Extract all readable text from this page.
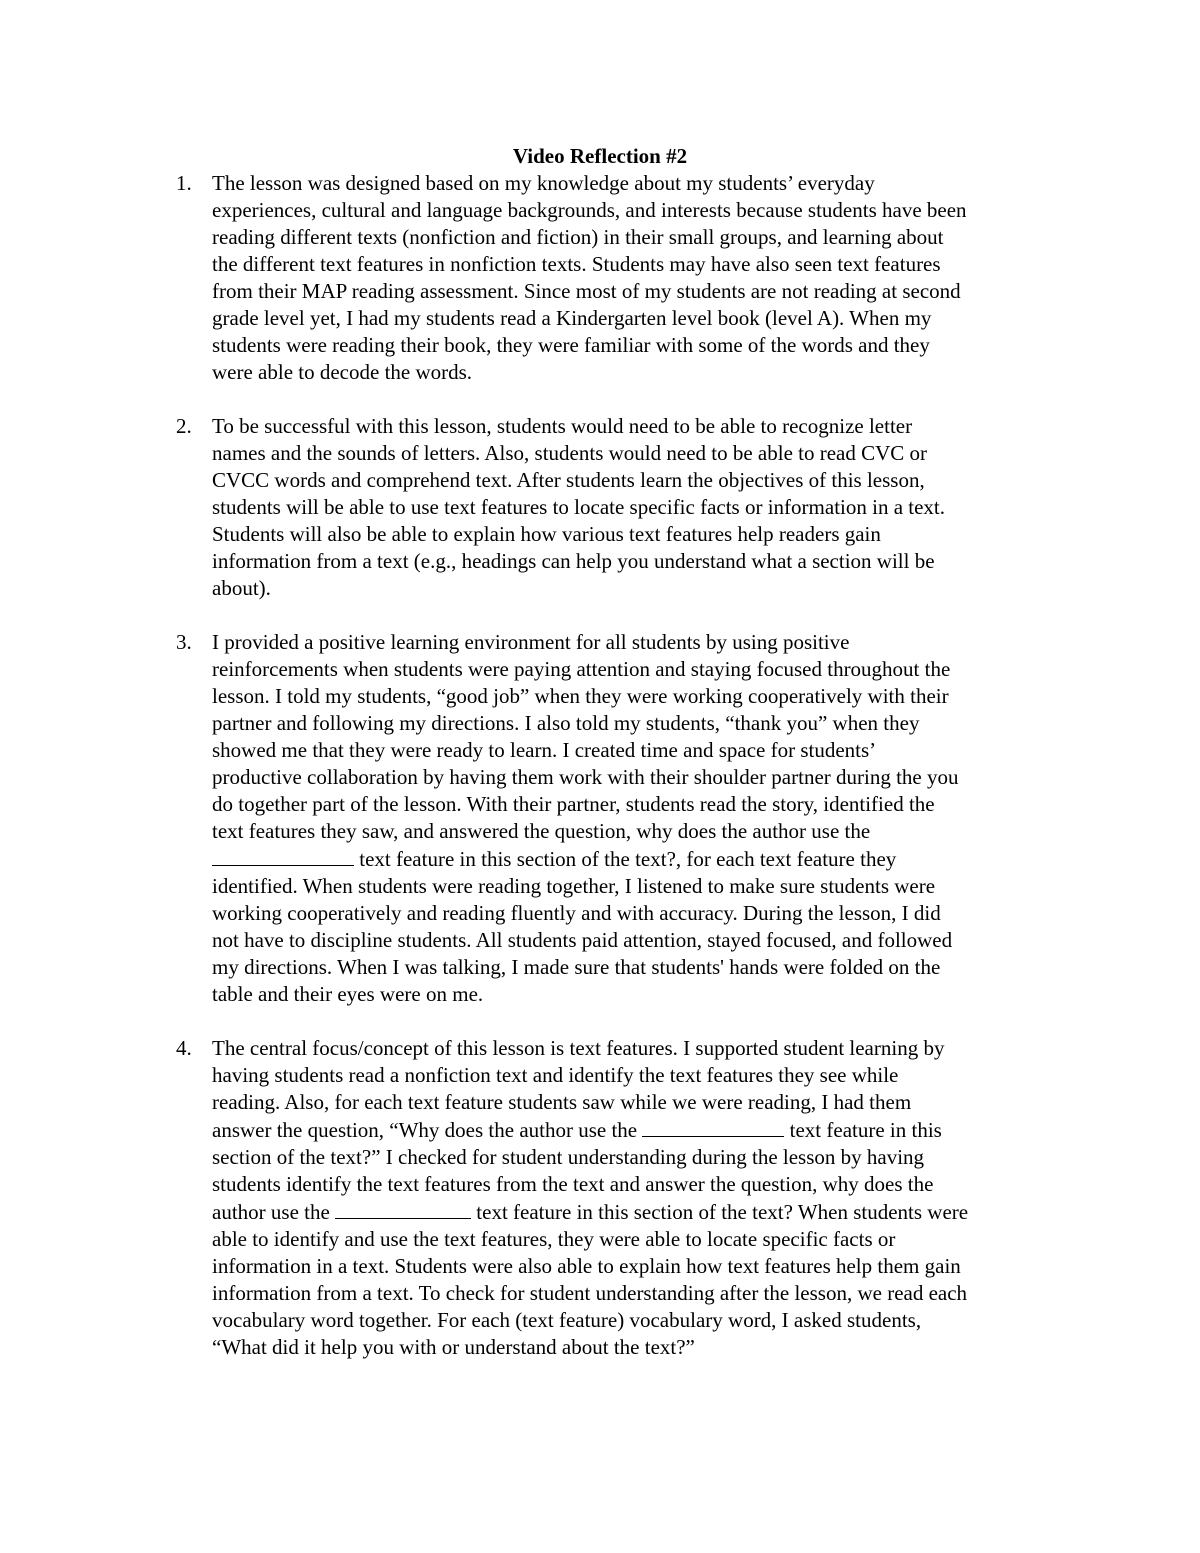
Video Reflection #2
1. The lesson was designed based on my knowledge about my students’ everyday
experiences, cultural and language backgrounds, and interests because students have been
reading different texts (nonfiction and fiction) in their small groups, and learning about
the different text features in nonfiction texts. Students may have also seen text features
from their MAP reading assessment. Since most of my students are not reading at second
grade level yet, I had my students read a Kindergarten level book (level A). When my
students were reading their book, they were familiar with some of the words and they
were able to decode the words.
2. To be successful with this lesson, students would need to be able to recognize letter
names and the sounds of letters. Also, students would need to be able to read CVC or
CVCC words and comprehend text. After students learn the objectives of this lesson,
students will be able to use text features to locate specific facts or information in a text.
Students will also be able to explain how various text features help readers gain
information from a text (e.g., headings can help you understand what a section will be
about).
3. I provided a positive learning environment for all students by using positive
reinforcements when students were paying attention and staying focused throughout the
lesson. I told my students, “good job” when they were working cooperatively with their
partner and following my directions. I also told my students, “thank you” when they
showed me that they were ready to learn. I created time and space for students’
productive collaboration by having them work with their shoulder partner during the you
do together part of the lesson. With their partner, students read the story, identified the
text features they saw, and answered the question, why does the author use the
text feature in this section of the text?, for each text feature they
identified. When students were reading together, I listened to make sure students were
working cooperatively and reading fluently and with accuracy. During the lesson, I did
not have to discipline students. All students paid attention, stayed focused, and followed
my directions. When I was talking, I made sure that students' hands were folded on the
table and their eyes were on me.
4. The central focus/concept of this lesson is text features. I supported student learning by
having students read a nonfiction text and identify the text features they see while
reading. Also, for each text feature students saw while we were reading, I had them
answer the question, “Why does the author use the	text feature in this
section of the text?” I checked for student understanding during the lesson by having
students identify the text features from the text and answer the question, why does the
author use the	text feature in this section of the text? When students were
able to identify and use the text features, they were able to locate specific facts or
information in a text. Students were also able to explain how text features help them gain
information from a text. To check for student understanding after the lesson, we read each
vocabulary word together. For each (text feature) vocabulary word, I asked students,
“What did it help you with or understand about the text?”
